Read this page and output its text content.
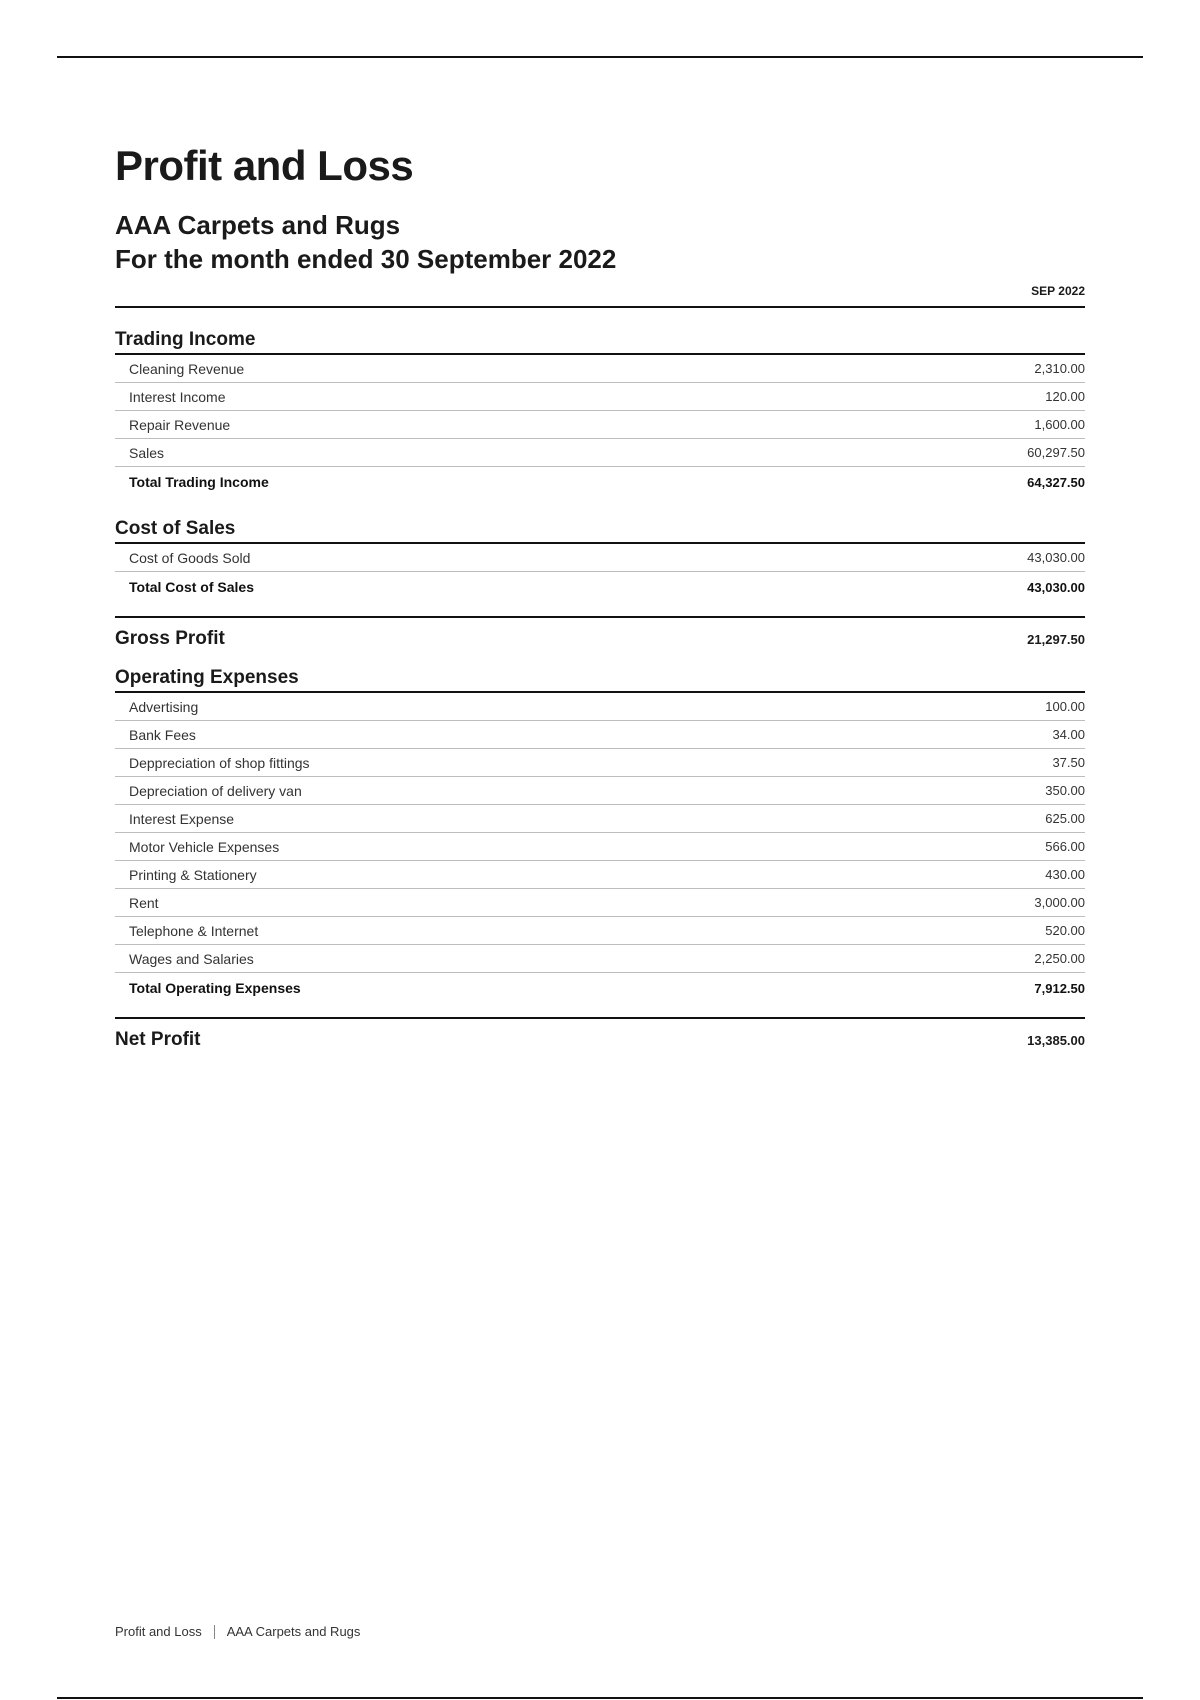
Profit and Loss
AAA Carpets and Rugs
For the month ended 30 September 2022
SEP 2022
Trading Income
Cleaning Revenue	2,310.00
Interest Income	120.00
Repair Revenue	1,600.00
Sales	60,297.50
Total Trading Income	64,327.50
Cost of Sales
Cost of Goods Sold	43,030.00
Total Cost of Sales	43,030.00
Gross Profit	21,297.50
Operating Expenses
Advertising	100.00
Bank Fees	34.00
Deppreciation of shop fittings	37.50
Depreciation of delivery van	350.00
Interest Expense	625.00
Motor Vehicle Expenses	566.00
Printing & Stationery	430.00
Rent	3,000.00
Telephone & Internet	520.00
Wages and Salaries	2,250.00
Total Operating Expenses	7,912.50
Net Profit	13,385.00
Profit and Loss AAA Carpets and Rugs
